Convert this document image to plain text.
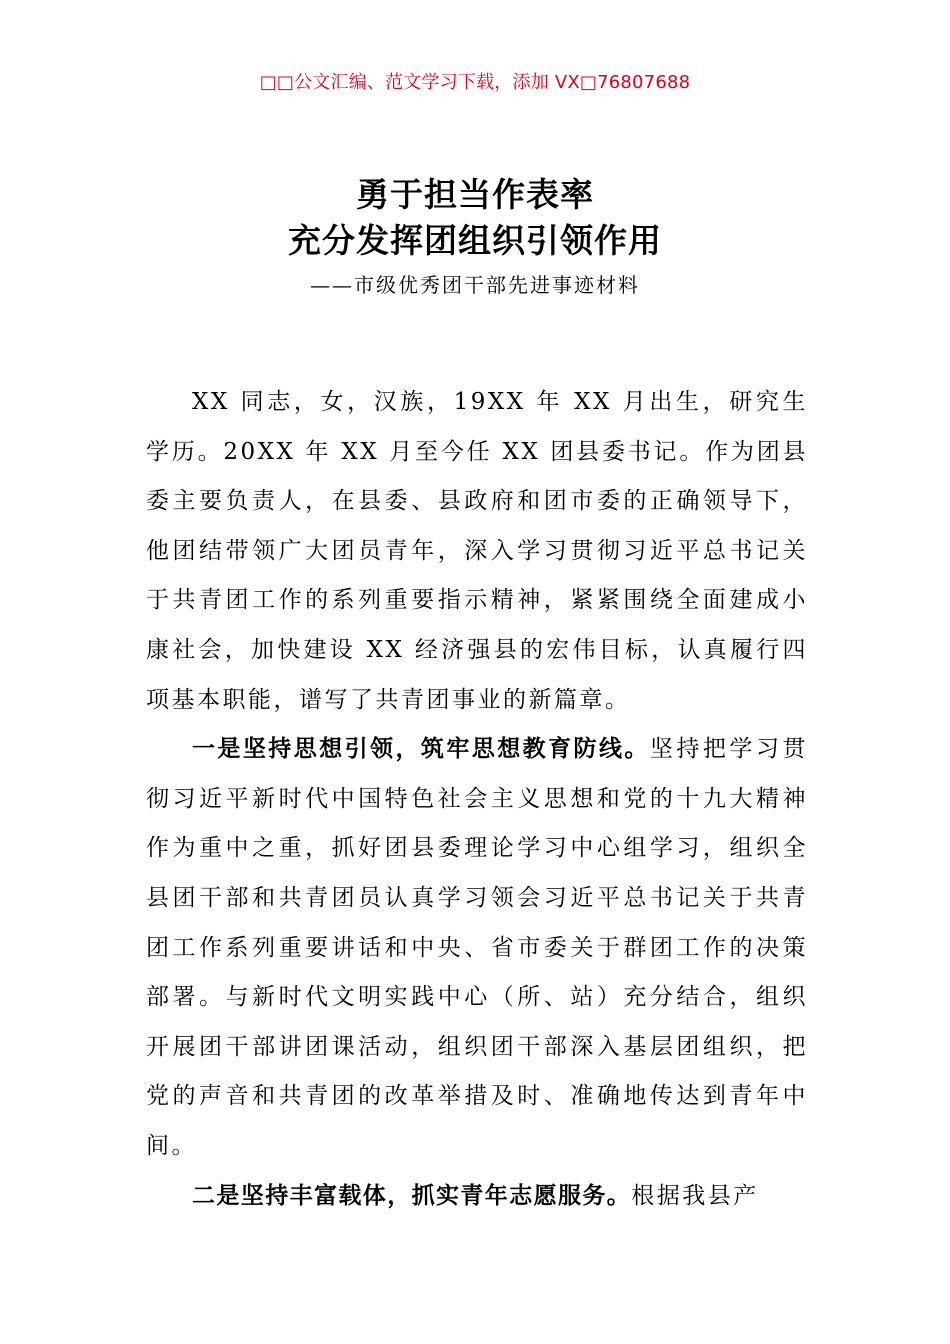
□□公文汇编、范文学习下载，添加 VX□76807688
勇于担当作表率
充分发挥团组织引领作用
——市级优秀团干部先进事迹材料

XX 同志，女，汉族，19XX 年 XX 月出生，研究生学历。20XX 年 XX 月至今任 XX 团县委书记。作为团县委主要负责人，在县委、县政府和团市委的正确领导下，他团结带领广大团员青年，深入学习贯彻习近平总书记关于共青团工作的系列重要指示精神，紧紧围绕全面建成小康社会，加快建设 XX 经济强县的宏伟目标，认真履行四项基本职能，谱写了共青团事业的新篇章。

一是坚持思想引领，筑牢思想教育防线。坚持把学习贯彻习近平新时代中国特色社会主义思想和党的十九大精神作为重中之重，抓好团县委理论学习中心组学习，组织全县团干部和共青团员认真学习领会习近平总书记关于共青团工作系列重要讲话和中央、省市委关于群团工作的决策部署。与新时代文明实践中心（所、站）充分结合，组织开展团干部讲团课活动，组织团干部深入基层团组织，把党的声音和共青团的改革举措及时、准确地传达到青年中间。

二是坚持丰富载体，抓实青年志愿服务。根据我县产
